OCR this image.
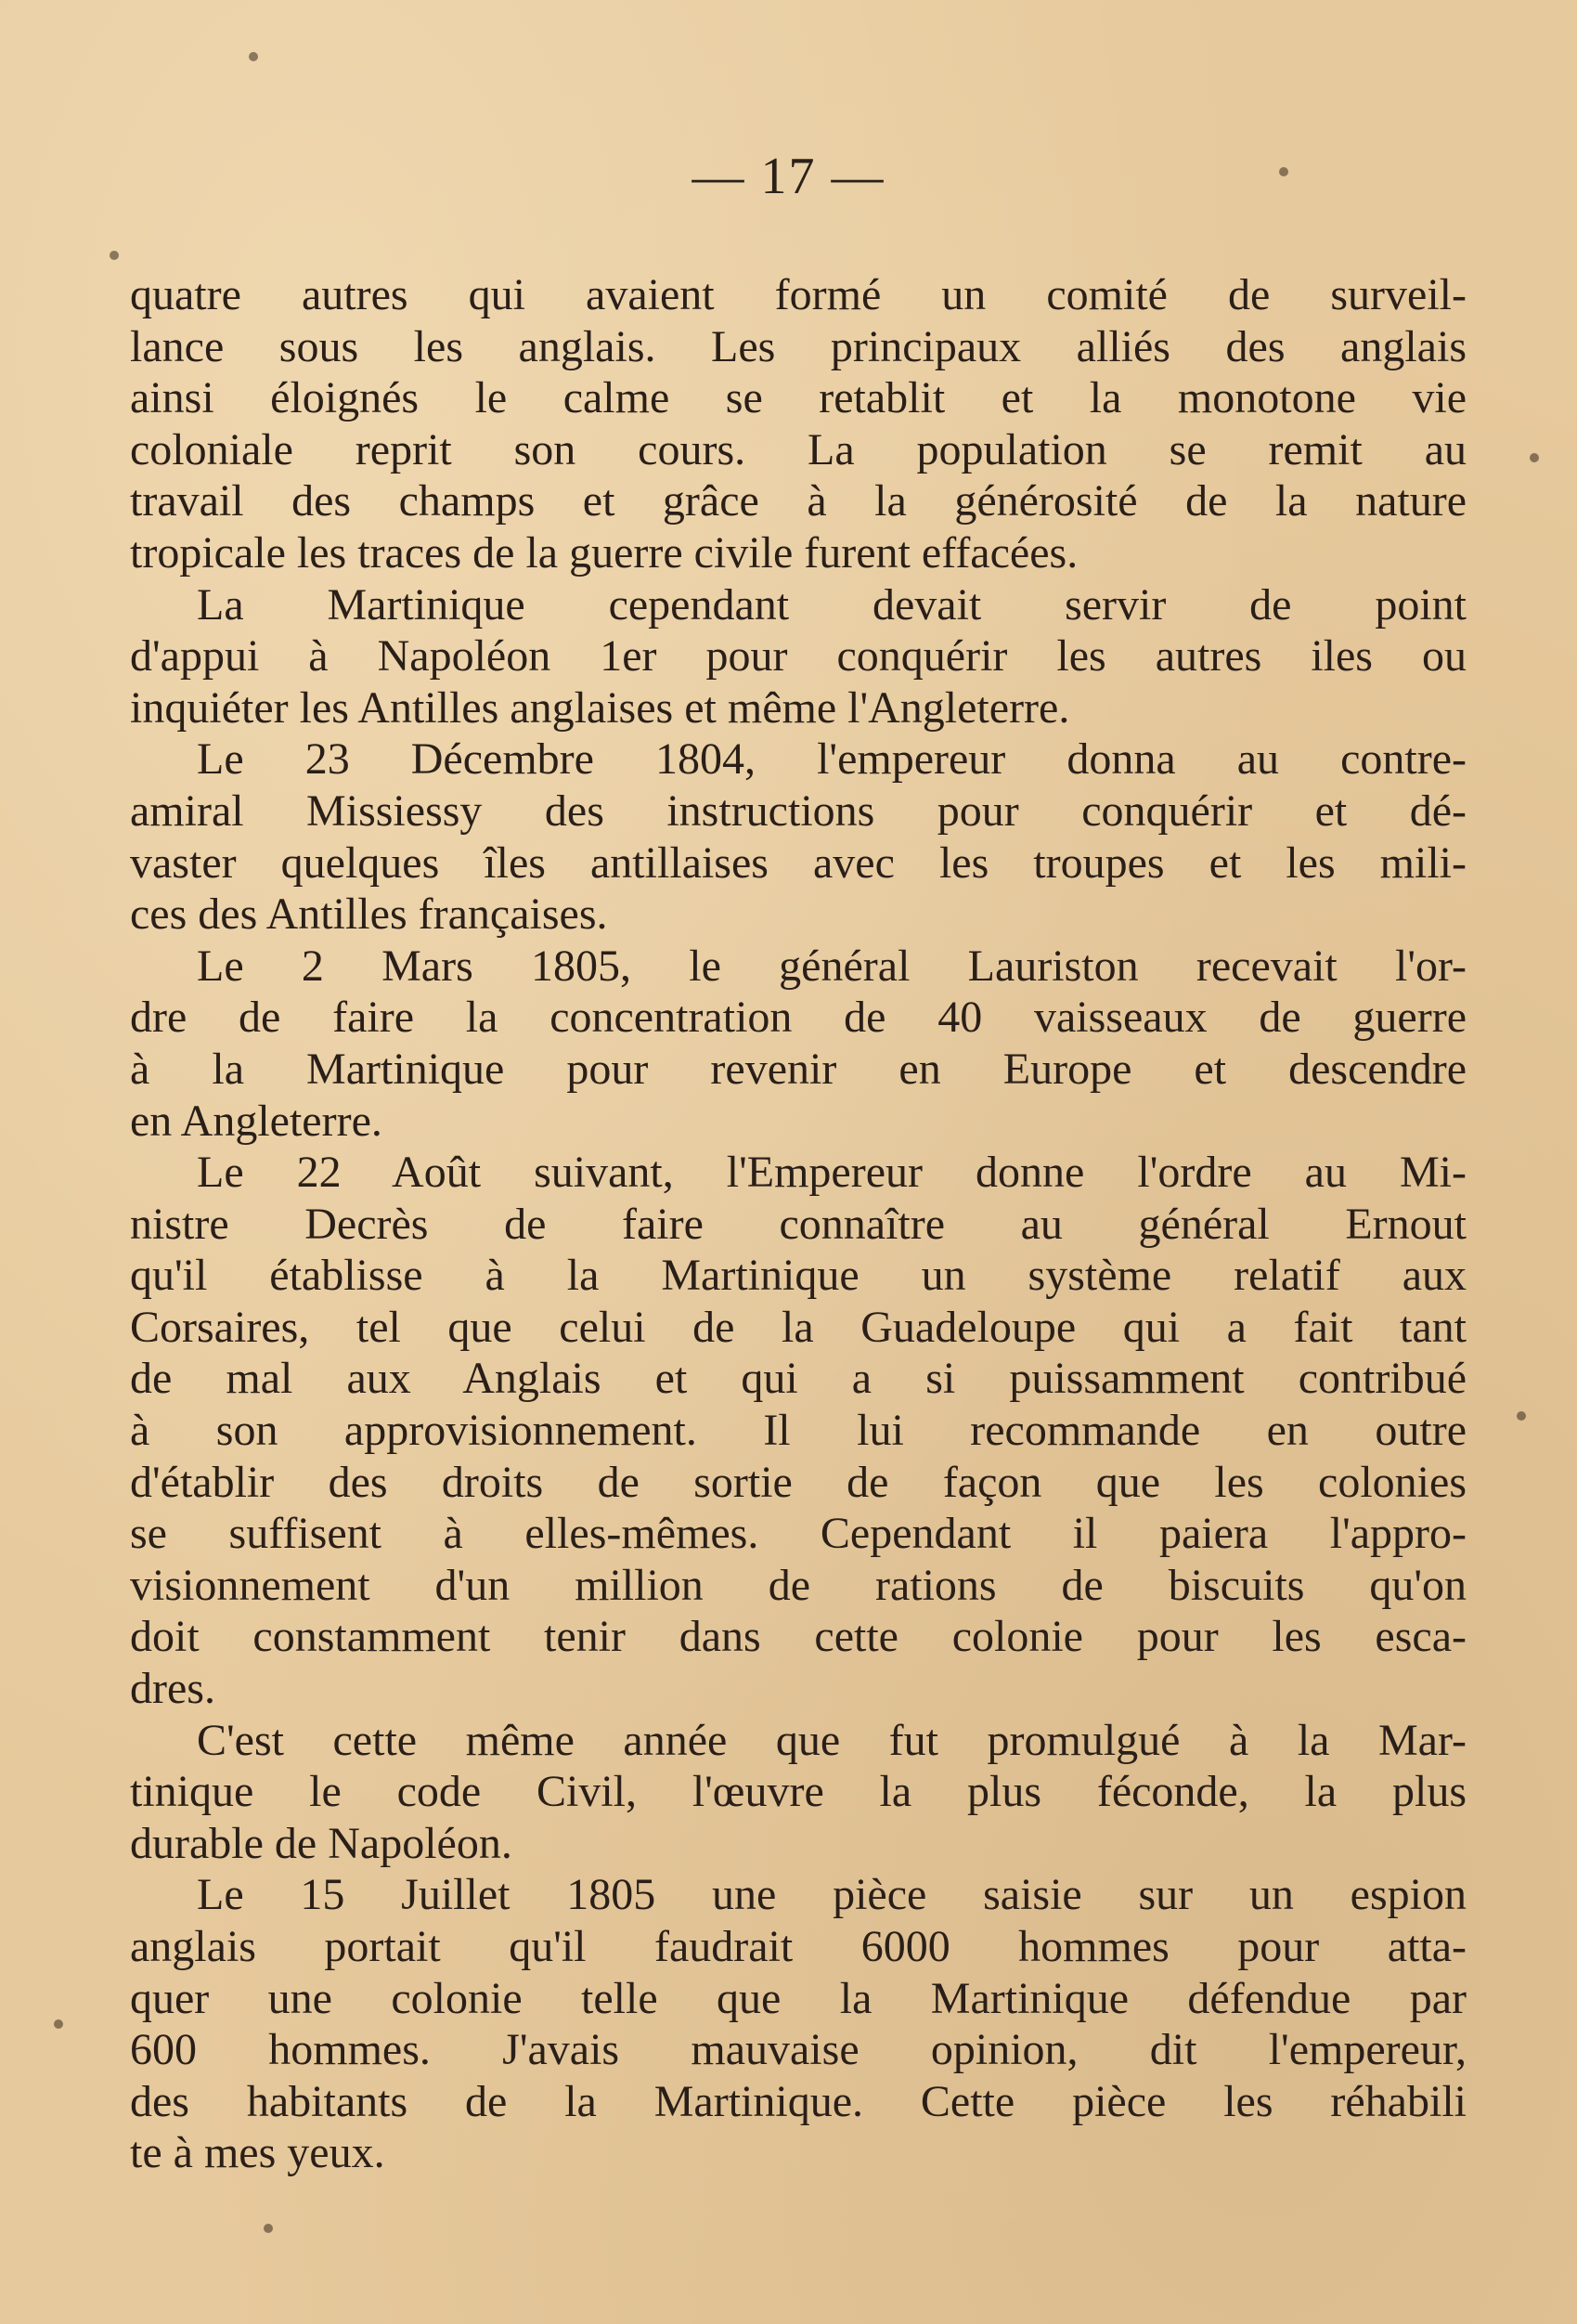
— 17 —
quatre autres qui avaient formé un comité de surveil-
lance sous les anglais. Les principaux alliés des anglais
ainsi éloignés le calme se retablit et la monotone vie
coloniale reprit son cours. La population se remit au
travail des champs et grâce à la générosité de la nature
tropicale les traces de la guerre civile furent effacées.
La Martinique cependant devait servir de point
d'appui à Napoléon 1er pour conquérir les autres iles ou
inquiéter les Antilles anglaises et même l'Angleterre.
Le 23 Décembre 1804, l'empereur donna au contre-
amiral Missiessy des instructions pour conquérir et dé-
vaster quelques îles antillaises avec les troupes et les mili-
ces des Antilles françaises.
Le 2 Mars 1805, le général Lauriston recevait l'or-
dre de faire la concentration de 40 vaisseaux de guerre
à la Martinique pour revenir en Europe et descendre
en Angleterre.
Le 22 Août suivant, l'Empereur donne l'ordre au Mi-
nistre Decrès de faire connaître au général Ernout
qu'il établisse à la Martinique un système relatif aux
Corsaires, tel que celui de la Guadeloupe qui a fait tant
de mal aux Anglais et qui a si puissamment contribué
à son approvisionnement. Il lui recommande en outre
d'établir des droits de sortie de façon que les colonies
se suffisent à elles-mêmes. Cependant il paiera l'appro-
visionnement d'un million de rations de biscuits qu'on
doit constamment tenir dans cette colonie pour les esca-
dres.
C'est cette même année que fut promulgué à la Mar-
tinique le code Civil, l'œuvre la plus féconde, la plus
durable de Napoléon.
Le 15 Juillet 1805 une pièce saisie sur un espion
anglais portait qu'il faudrait 6000 hommes pour atta-
quer une colonie telle que la Martinique défendue par
600 hommes. J'avais mauvaise opinion, dit l'empereur,
des habitants de la Martinique. Cette pièce les réhabili
te à mes yeux.
